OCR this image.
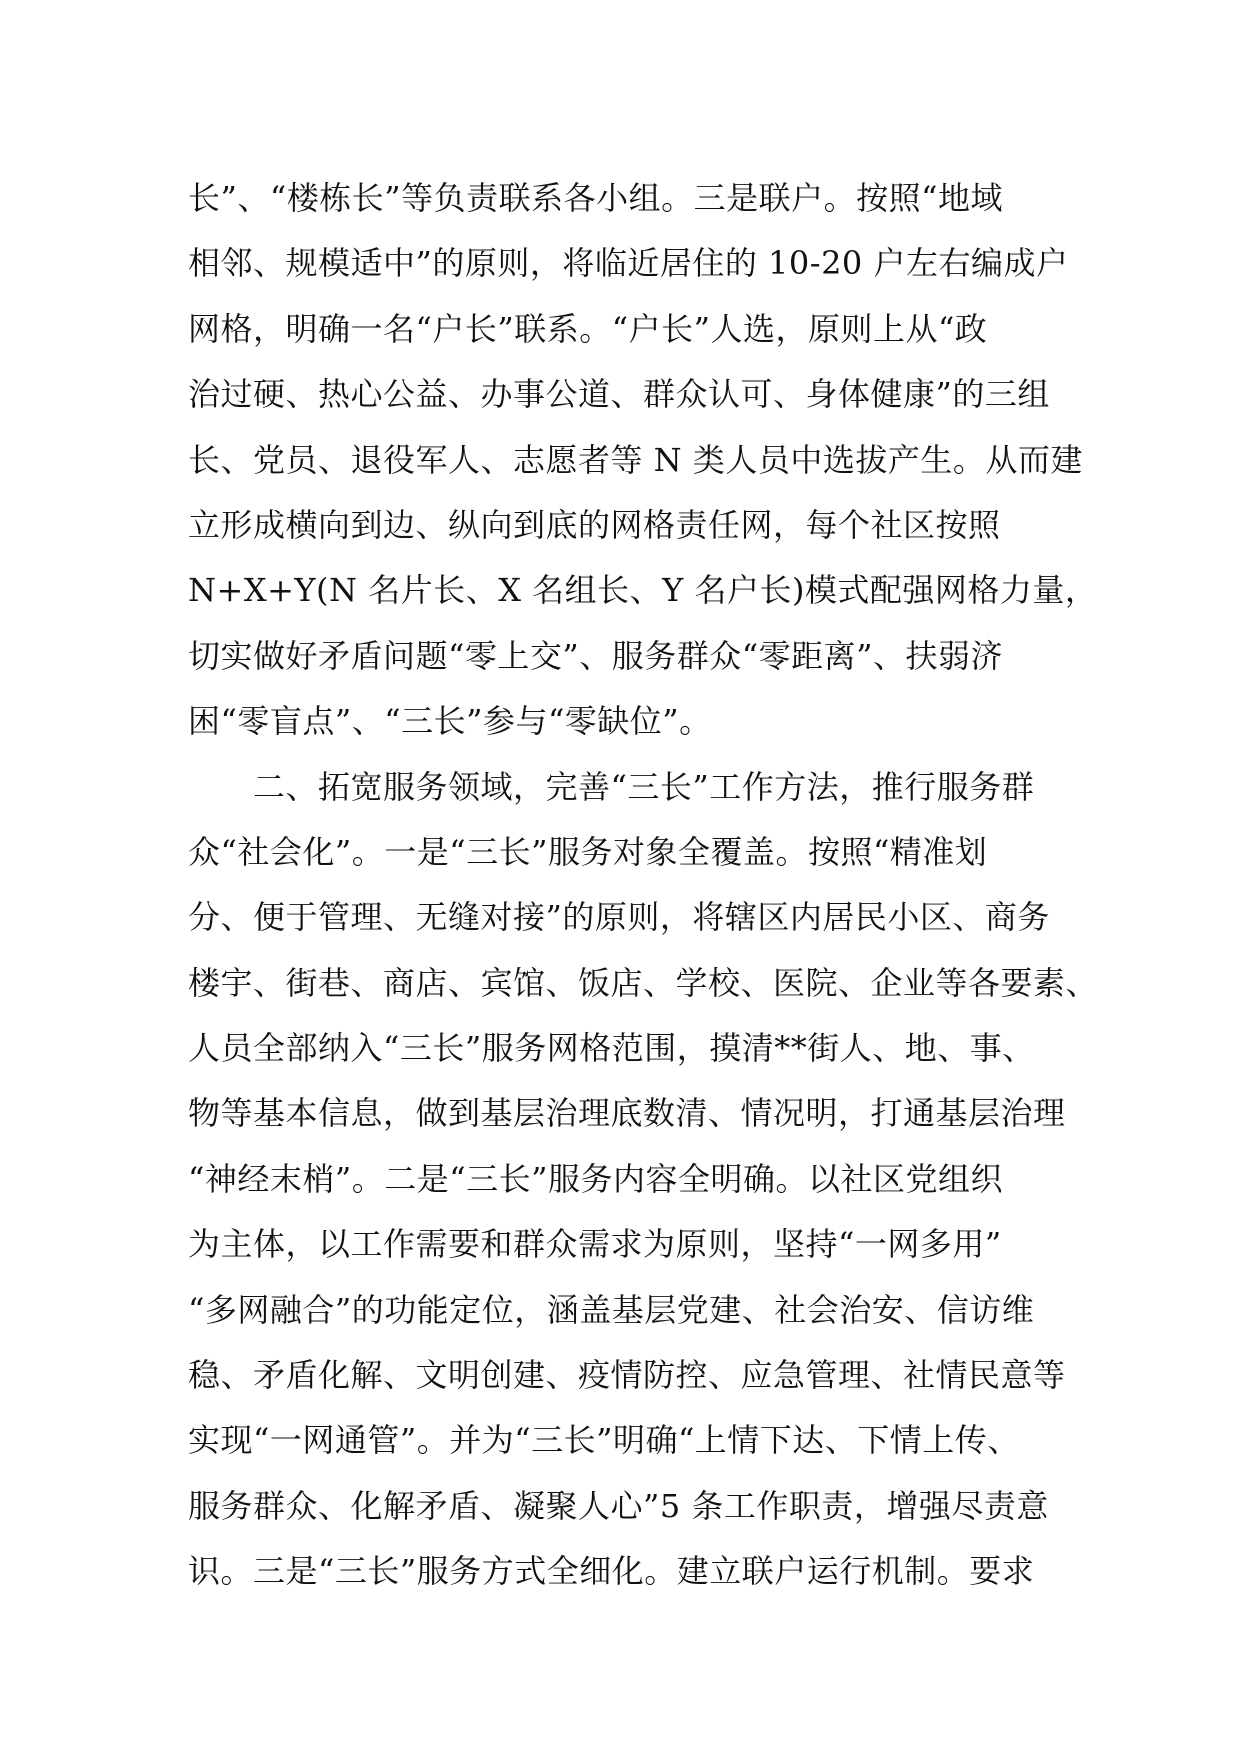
长”、“楼栋长”等负责联系各小组。三是联户。按照“地域
相邻、规模适中”的原则，将临近居住的 10-20 户左右编成户
网格，明确一名“户长”联系。“户长”人选，原则上从“政
治过硬、热心公益、办事公道、群众认可、身体健康”的三组
长、党员、退役军人、志愿者等 N 类人员中选拔产生。从而建
立形成横向到边、纵向到底的网格责任网，每个社区按照
N+X+Y(N 名片长、X 名组长、Y 名户长)模式配强网格力量，
切实做好矛盾问题“零上交”、服务群众“零距离”、扶弱济
困“零盲点”、“三长”参与“零缺位”。
　　二、拓宽服务领域，完善“三长”工作方法，推行服务群
众“社会化”。一是“三长”服务对象全覆盖。按照“精准划
分、便于管理、无缝对接”的原则，将辖区内居民小区、商务
楼宇、街巷、商店、宾馆、饭店、学校、医院、企业等各要素、
人员全部纳入“三长”服务网格范围，摸清**街人、地、事、
物等基本信息，做到基层治理底数清、情况明，打通基层治理
“神经末梢”。二是“三长”服务内容全明确。以社区党组织
为主体，以工作需要和群众需求为原则，坚持“一网多用”
“多网融合”的功能定位，涵盖基层党建、社会治安、信访维
稳、矛盾化解、文明创建、疫情防控、应急管理、社情民意等
实现“一网通管”。并为“三长”明确“上情下达、下情上传、
服务群众、化解矛盾、凝聚人心”5 条工作职责，增强尽责意
识。三是“三长”服务方式全细化。建立联户运行机制。要求
